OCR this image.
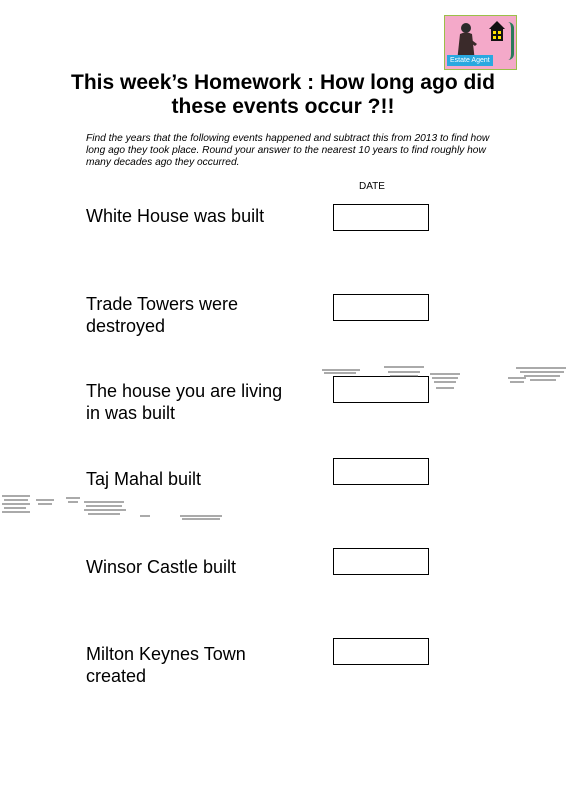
Estate Agent
This week’s Homework : How long ago did these events occur ?!!
Find the years that the following events happened and subtract this from 2013 to find how long ago they took place. Round your answer to the nearest 10 years to find roughly how many decades ago they occurred.
DATE
White House was built
Trade Towers were destroyed
The house you are living in was built
Taj Mahal built
Winsor Castle built
Milton Keynes Town created
